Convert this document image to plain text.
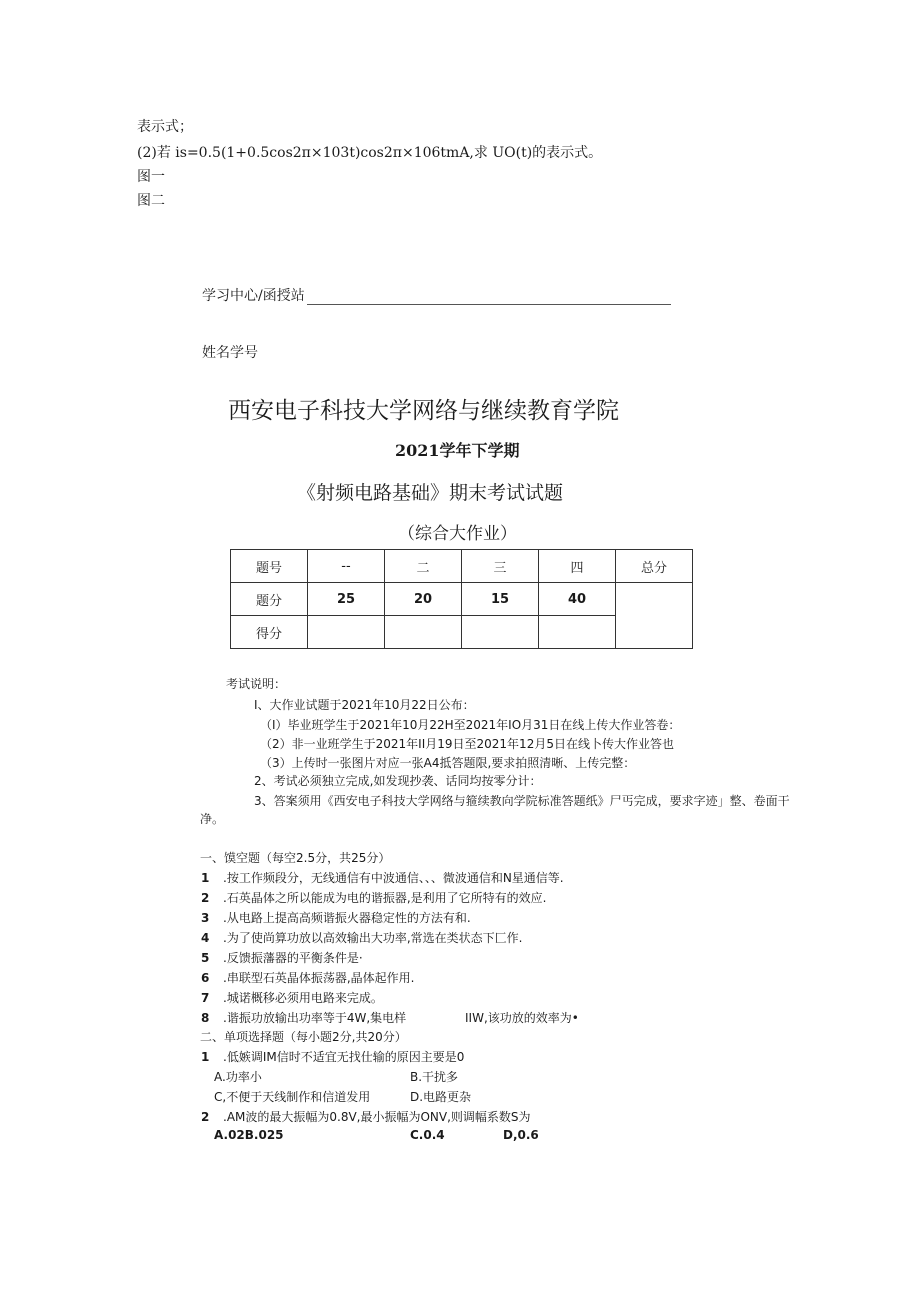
表示式；
(2)若 is=0.5(1+0.5cos2π×103t)cos2π×106tmA,求 UO(t)的表示式。
图一
图二
学习中心/函授站
姓名学号
西安电子科技大学网络与继续教育学院
2021学年下学期
《射频电路基础》期末考试试题
（综合大作业）
题号	--	二	三	四	总分
题分	25	20	15	40	
得分					
考试说明：
I、大作业试题于2021年10月22日公布：
（I）毕业班学生于2021年10月22H至2021年IO月31日在线上传大作业答卷：
（2）非一业班学生于2021年II月19日至2021年12月5日在线卜传大作业答也
（3）上传时一张图片对应一张A4抵答题限,要求拍照清晰、上传完整：
2、考试必须独立完成,如发现抄袭、话同均按零分计：
3、答案须用《西安电子科技大学网络与箍续教向学院标准答题纸》尸丐完成，要求字迹」整、卷面干
净。
一、馍空题（每空2.5分，共25分）
1 .按工作频段分，无线通信有中波通信、、、微波通信和N星通信等.
2 .石英晶体之所以能成为电的谐振器,是利用了它所特有的效应.
3 .从电路上提高高频谐振火器稳定性的方法有和.
4 .为了使尚算功放以高效输出大功率,常选在类状态下匚作.
5 .反馈振藩器的平衡条件是·
6 .串联型石英晶体振荡器,晶体起作用.
7 .城诺概移必须用电路来完成。
8 .谐振功放输出功率等于4W,集电样	IIW,该功放的效率为•
二、单项选择题（每小题2分,共20分）
1 .低嫉调IM信时不适宜无找仕输的原因主要是0
A.功率小	B.干扰多
C,不便于天线制作和信道发用	D.电路更杂
2 .AM波的最大振幅为0.8V,最小振幅为ONV,则调幅系数S为
A.02B.025	C.0.4	D,0.6
